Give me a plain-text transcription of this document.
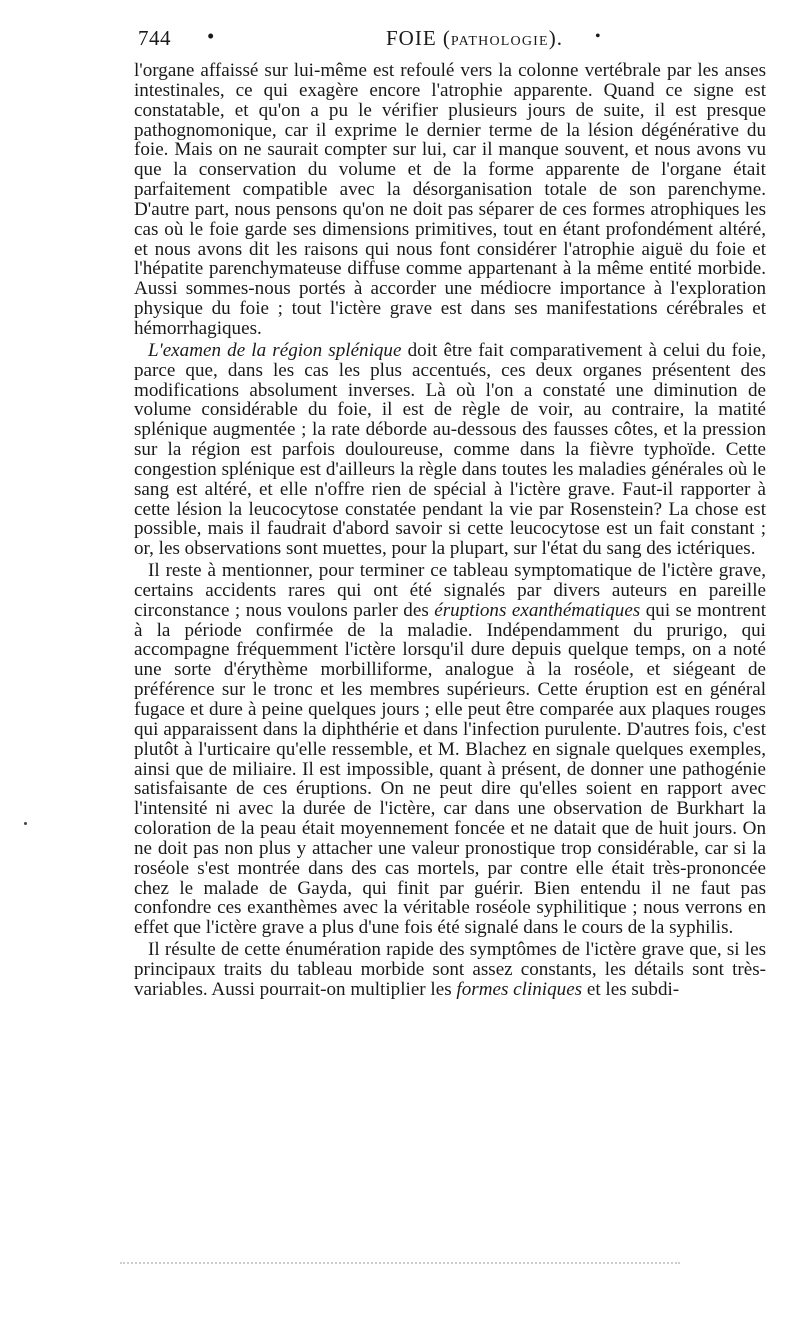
744 •	FOIE (PATHOLOGIE). •

l'organe affaissé sur lui-même est refoulé vers la colonne vertébrale par les anses intestinales, ce qui exagère encore l'atrophie apparente. Quand ce signe est constatable, et qu'on a pu le vérifier plusieurs jours de suite, il est presque pathognomonique, car il exprime le dernier terme de la lésion dégénérative du foie. Mais on ne saurait compter sur lui, car il manque souvent, et nous avons vu que la conservation du volume et de la forme apparente de l'organe était parfaitement compatible avec la désorganisation totale de son parenchyme. D'autre part, nous pensons qu'on ne doit pas séparer de ces formes atrophiques les cas où le foie garde ses dimensions primitives, tout en étant profondément altéré, et nous avons dit les raisons qui nous font considérer l'atrophie aiguë du foie et l'hépatite parenchymateuse diffuse comme appartenant à la même entité morbide. Aussi sommes-nous portés à accorder une médiocre importance à l'exploration physique du foie ; tout l'ictère grave est dans ses manifestations cérébrales et hémorrhagiques.

L'examen de la région splénique doit être fait comparativement à celui du foie, parce que, dans les cas les plus accentués, ces deux organes présentent des modifications absolument inverses. Là où l'on a constaté une diminution de volume considérable du foie, il est de règle de voir, au contraire, la matité splénique augmentée ; la rate déborde au-dessous des fausses côtes, et la pression sur la région est parfois douloureuse, comme dans la fièvre typhoïde. Cette congestion splénique est d'ailleurs la règle dans toutes les maladies générales où le sang est altéré, et elle n'offre rien de spécial à l'ictère grave. Faut-il rapporter à cette lésion la leucocytose constatée pendant la vie par Rosenstein? La chose est possible, mais il faudrait d'abord savoir si cette leucocytose est un fait constant ; or, les observations sont muettes, pour la plupart, sur l'état du sang des ictériques.

Il reste à mentionner, pour terminer ce tableau symptomatique de l'ictère grave, certains accidents rares qui ont été signalés par divers auteurs en pareille circonstance ; nous voulons parler des éruptions exanthématiques qui se montrent à la période confirmée de la maladie. Indépendamment du prurigo, qui accompagne fréquemment l'ictère lorsqu'il dure depuis quelque temps, on a noté une sorte d'érythème morbilliforme, analogue à la roséole, et siégeant de préférence sur le tronc et les membres supérieurs. Cette éruption est en général fugace et dure à peine quelques jours ; elle peut être comparée aux plaques rouges qui apparaissent dans la diphthérie et dans l'infection purulente. D'autres fois, c'est plutôt à l'urticaire qu'elle ressemble, et M. Blachez en signale quelques exemples, ainsi que de miliaire. Il est impossible, quant à présent, de donner une pathogénie satisfaisante de ces éruptions. On ne peut dire qu'elles soient en rapport avec l'intensité ni avec la durée de l'ictère, car dans une observation de Burkhart la coloration de la peau était moyennement foncée et ne datait que de huit jours. On ne doit pas non plus y attacher une valeur pronostique trop considérable, car si la roséole s'est montrée dans des cas mortels, par contre elle était très-prononcée chez le malade de Gayda, qui finit par guérir. Bien entendu il ne faut pas confondre ces exanthèmes avec la véritable roséole syphilitique ; nous verrons en effet que l'ictère grave a plus d'une fois été signalé dans le cours de la syphilis.

Il résulte de cette énumération rapide des symptômes de l'ictère grave que, si les principaux traits du tableau morbide sont assez constants, les détails sont très-variables. Aussi pourrait-on multiplier les formes cliniques et les subdi-
